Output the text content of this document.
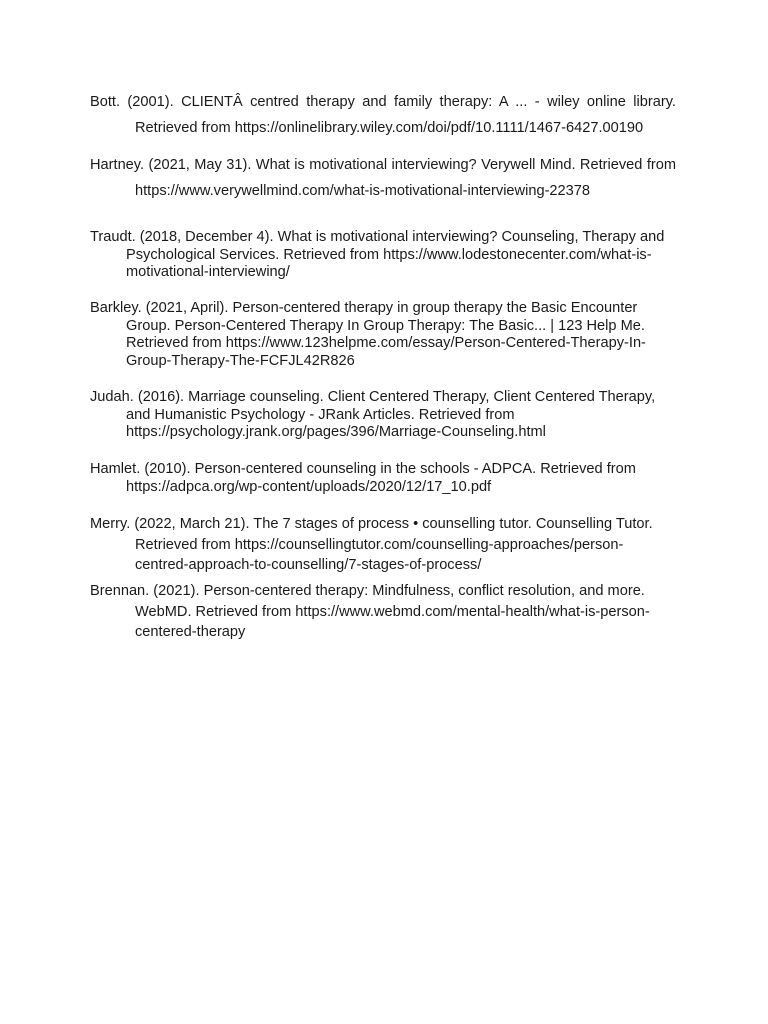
Bott. (2001). CLIENTÂ centred therapy and family therapy: A ... - wiley online library. Retrieved from https://onlinelibrary.wiley.com/doi/pdf/10.1111/1467-6427.00190

Hartney. (2021, May 31). What is motivational interviewing? Verywell Mind. Retrieved from https://www.verywellmind.com/what-is-motivational-interviewing-22378

Traudt. (2018, December 4). What is motivational interviewing? Counseling, Therapy and Psychological Services. Retrieved from https://www.lodestonecenter.com/what-is-motivational-interviewing/

Barkley. (2021, April). Person-centered therapy in group therapy the Basic Encounter Group. Person-Centered Therapy In Group Therapy: The Basic... | 123 Help Me. Retrieved from https://www.123helpme.com/essay/Person-Centered-Therapy-In-Group-Therapy-The-FCFJL42R826

Judah. (2016). Marriage counseling. Client Centered Therapy, Client Centered Therapy, and Humanistic Psychology - JRank Articles. Retrieved from https://psychology.jrank.org/pages/396/Marriage-Counseling.html

Hamlet. (2010). Person-centered counseling in the schools - ADPCA. Retrieved from https://adpca.org/wp-content/uploads/2020/12/17_10.pdf

Merry. (2022, March 21). The 7 stages of process • counselling tutor. Counselling Tutor. Retrieved from https://counsellingtutor.com/counselling-approaches/person-centred-approach-to-counselling/7-stages-of-process/

Brennan. (2021). Person-centered therapy: Mindfulness, conflict resolution, and more. WebMD. Retrieved from https://www.webmd.com/mental-health/what-is-person-centered-therapy
